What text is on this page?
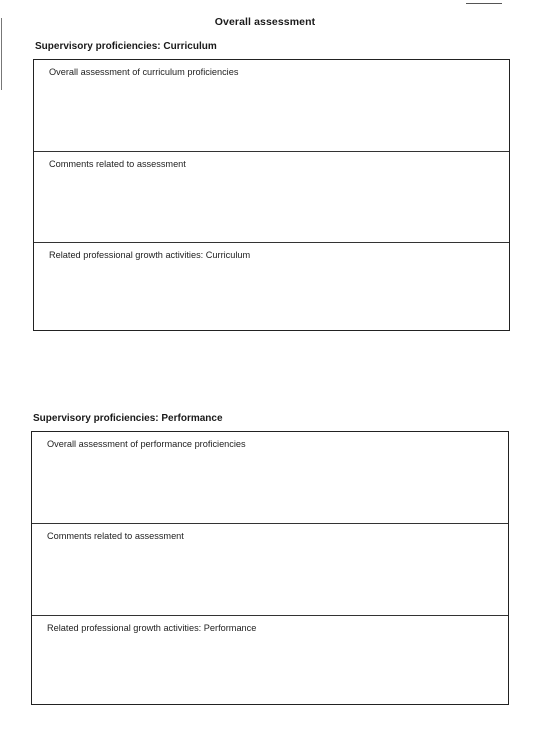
Overall assessment
Supervisory proficiencies: Curriculum
Overall assessment of curriculum proficiencies
Comments related to assessment
Related professional growth activities: Curriculum
Supervisory proficiencies: Performance
Overall assessment of performance proficiencies
Comments related to assessment
Related professional growth activities: Performance
